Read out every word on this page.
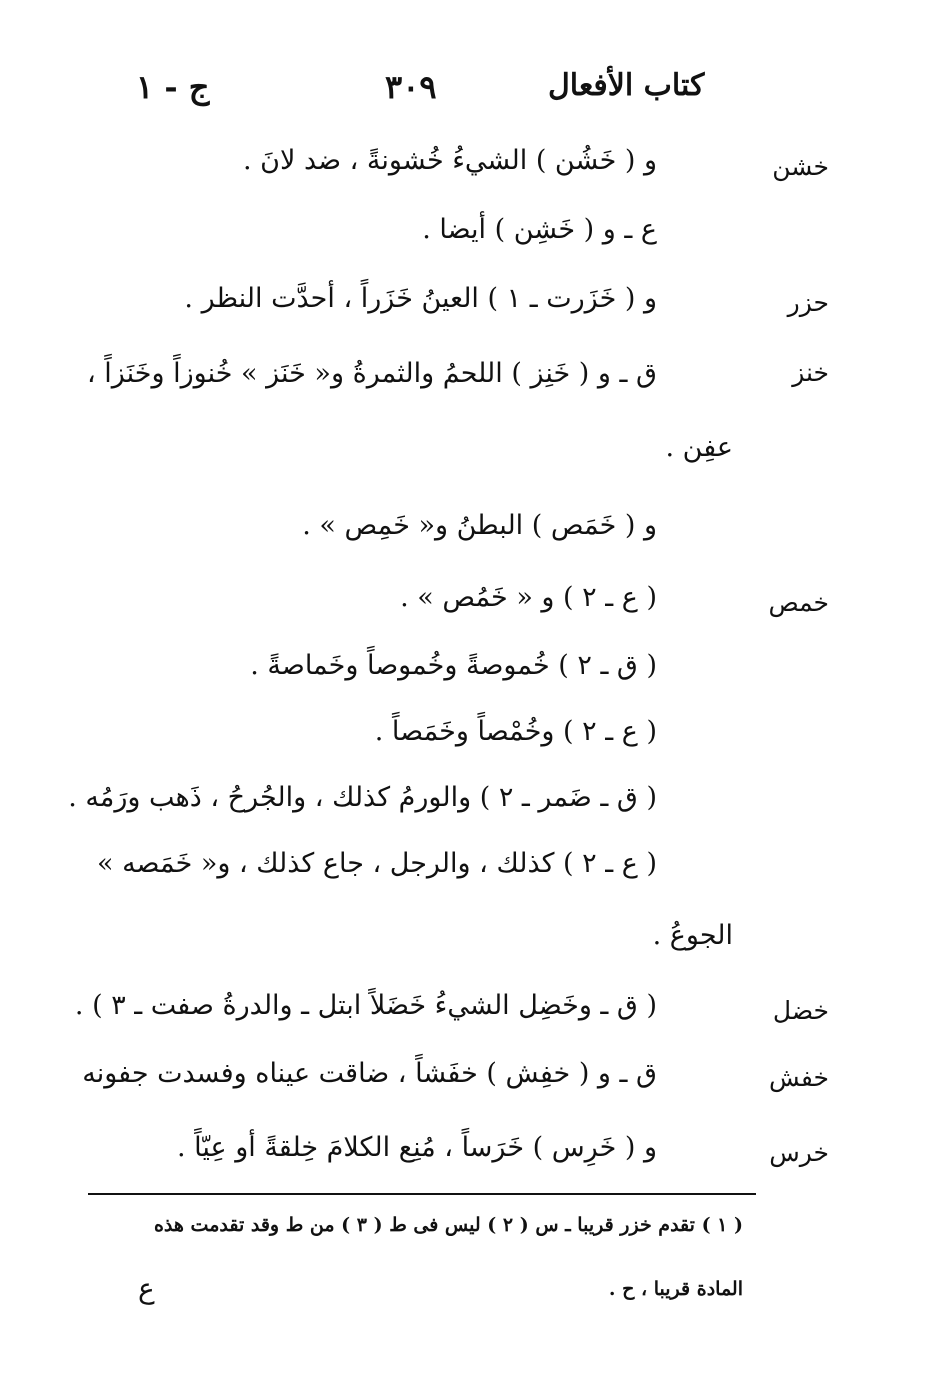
كتاب الأفعال
٣٠٩
ج - ١
خشن
و ( خَشُن ) الشيءُ خُشونةً ، ضد لانَ .
ع ـ و ( خَشِن ) أيضا .
حزر
و ( خَزَرت ـ ١ ) العينُ خَزَراً ، أحدَّت النظر .
خنز
ق ـ و ( خَنِز ) اللحمُ والثمرةُ و« خَنَز » خُنوزاً وخَنَزاً ،
عفِن .
و ( خَمَص ) البطنُ و« خَمِص » .
خمص
( ع ـ ٢ ) و « خَمُص » .
( ق ـ ٢ ) خُموصةً وخُموصاً وخَماصةً .
( ع ـ ٢ ) وخُمْصاً وخَمَصاً .
( ق ـ ضَمر ـ ٢ ) والورمُ كذلك ، والجُرحُ ، ذَهب ورَمُه .
( ع ـ ٢ ) كذلك ، والرجل ، جاع كذلك ، و« خَمَصه »
الجوعُ .
خضل
( ق ـ وخَضِل الشيءُ خَضَلاً ابتل ـ والدرةُ صفت ـ ٣ ) .
خفش
ق ـ و ( خفِش ) خفَشاً ، ضاقت عيناه وفسدت جفونه
خرس
و ( خَرِس ) خَرَساً ، مُنِع الكلامَ خِلقةً أو عِيّاً .
( ١ ) تقدم خزر قريبا ـ س ( ٢ ) ليس فى ط ( ٣ ) من ط وقد تقدمت هذه
المادة قريبا ، ح .
ع
